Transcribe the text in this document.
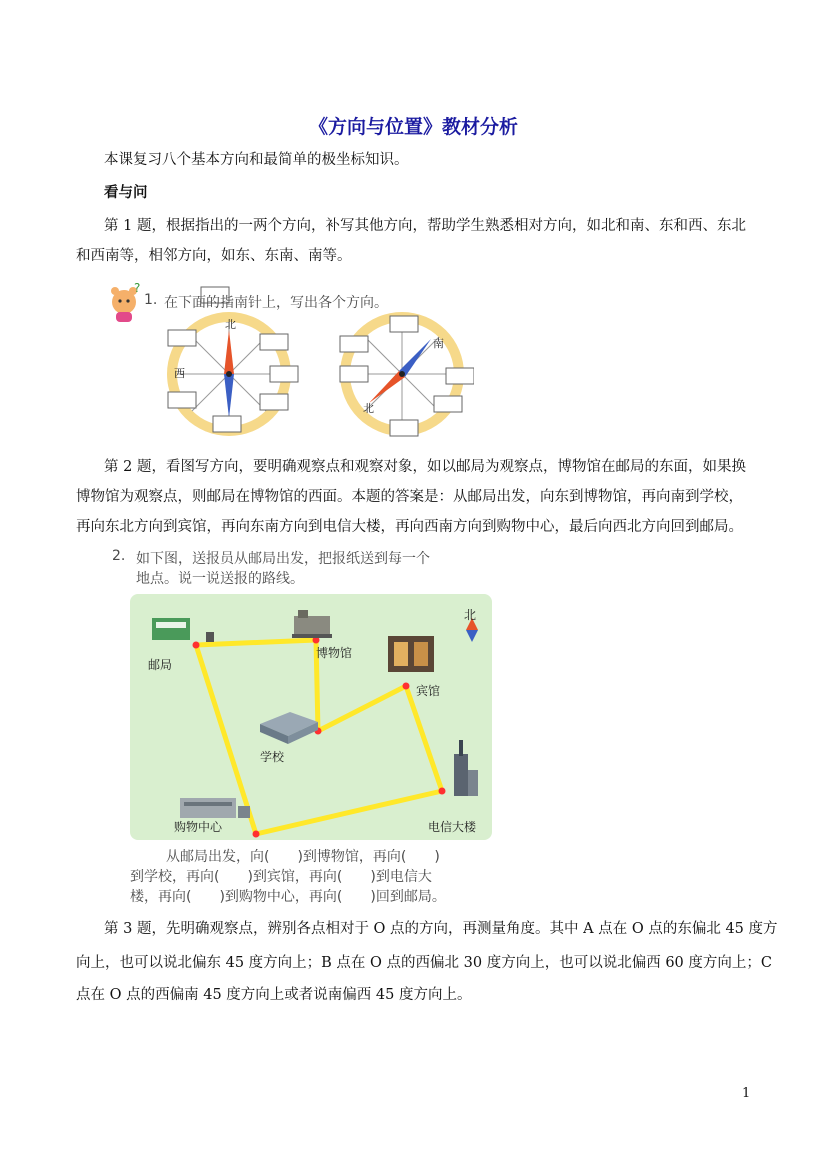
《方向与位置》教材分析
本课复习八个基本方向和最简单的极坐标知识。
看与问
第 1 题，根据指出的一两个方向，补写其他方向，帮助学生熟悉相对方向，如北和南、东和西、东北
和西南等，相邻方向，如东、东南、南等。
?
1. 在下面的指南针上，写出各个方向。
北
西
南
北
第 2 题，看图写方向，要明确观察点和观察对象，如以邮局为观察点，博物馆在邮局的东面，如果换
博物馆为观察点，则邮局在博物馆的西面。本题的答案是：从邮局出发，向东到博物馆，再向南到学校，
再向东北方向到宾馆，再向东南方向到电信大楼，再向西南方向到购物中心，最后向西北方向回到邮局。
2. 如下图，送报员从邮局出发，把报纸送到每一个
地点。说一说送报的路线。
北
邮局
博物馆
宾馆
学校
购物中心	电信大楼
从邮局出发，向(　　)到博物馆，再向(　　)
到学校，再向(　　)到宾馆，再向(　　)到电信大
楼，再向(　　)到购物中心，再向(　　)回到邮局。
第 3 题，先明确观察点，辨别各点相对于 O 点的方向，再测量角度。其中 A 点在 O 点的东偏北 45 度方
向上，也可以说北偏东 45 度方向上；B 点在 O 点的西偏北 30 度方向上，也可以说北偏西 60 度方向上；C
点在 O 点的西偏南 45 度方向上或者说南偏西 45 度方向上。
1
